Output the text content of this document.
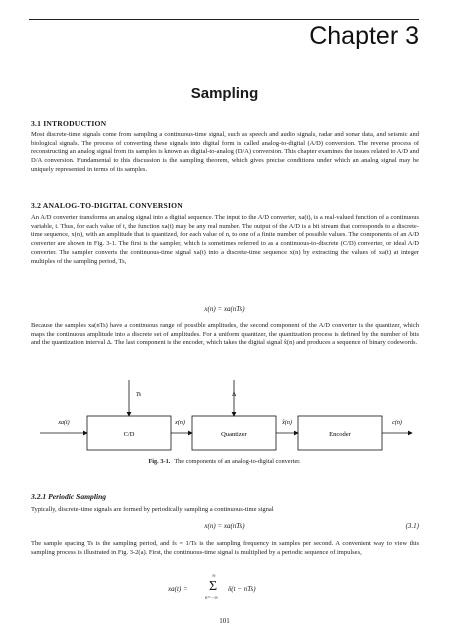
Chapter 3
Sampling
3.1 INTRODUCTION

Most discrete-time signals come from sampling a continuous-time signal, such as speech and audio signals, radar and sonar data, and seismic and biological signals. The process of converting these signals into digital form is called analog-to-digital (A/D) conversion. The reverse process of reconstructing an analog signal from its samples is known as digital-to-analog (D/A) conversion. This chapter examines the issues related to A/D and D/A conversion. Fundamental to this discussion is the sampling theorem, which gives precise conditions under which an analog signal may be uniquely represented in terms of its samples.

3.2 ANALOG-TO-DIGITAL CONVERSION

An A/D converter transforms an analog signal into a digital sequence. The input to the A/D converter, xa(t), is a real-valued function of a continuous variable, t. Thus, for each value of t, the function xa(t) may be any real number. The output of the A/D is a bit stream that corresponds to a discrete-time sequence, x(n), with an amplitude that is quantized, for each value of n, to one of a finite number of possible values. The components of an A/D converter are shown in Fig. 3-1. The first is the sampler, which is sometimes referred to as a continuous-to-discrete (C/D) converter, or ideal A/D converter. The sampler converts the continuous-time signal xa(t) into a discrete-time sequence x(n) by extracting the values of xa(t) at integer multiples of the sampling period, Ts,

x(n) = xa(nTs)

Because the samples xa(nTs) have a continuous range of possible amplitudes, the second component of the A/D converter is the quantizer, which maps the continuous amplitude into a discrete set of amplitudes. For a uniform quantizer, the quantization process is defined by the number of bits and the quantization interval Δ. The last component is the encoder, which takes the digital signal x̂(n) and produces a sequence of binary codewords.

C/D	Quantizer	Encoder
Ts	Δ
xa(t)	x(n)	x̂(n)	c(n)
Fig. 3-1. The components of an analog-to-digital converter.
3.2.1 Periodic Sampling

Typically, discrete-time signals are formed by periodically sampling a continuous-time signal

x(n) = xa(nTs)	(3.1)

The sample spacing Ts is the sampling period, and fs = 1/Ts is the sampling frequency in samples per second. A convenient way to view this sampling process is illustrated in Fig. 3-2(a). First, the continuous-time signal is multiplied by a periodic sequence of impulses,

xa(t) =
∞
Σ
n=−∞
δ(t − nTs)
101
